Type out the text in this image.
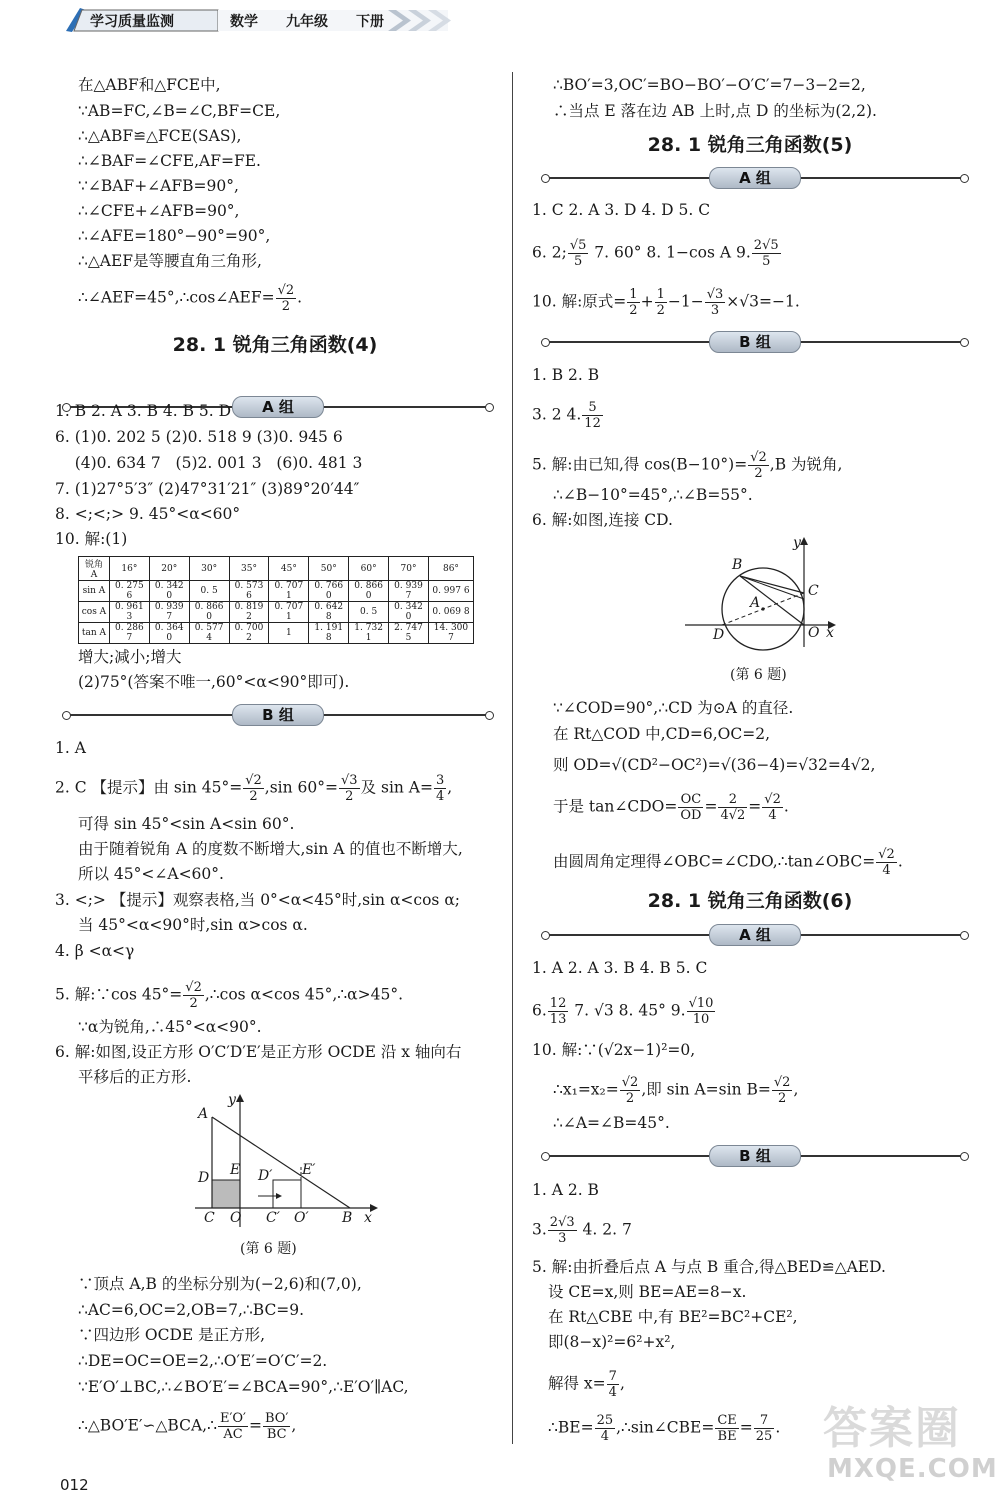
学习质量监测	数学 九年级 下册
在△ABF和△FCE中,
∵AB=FC,∠B=∠C,BF=CE,
∴△ABF≌△FCE(SAS),
∴∠BAF=∠CFE,AF=FE.
∵∠BAF+∠AFB=90°,
∴∠CFE+∠AFB=90°,
∴∠AFE=180°−90°=90°,
∴△AEF是等腰直角三角形,
∴∠AEF=45°,∴cos∠AEF= $\frac{√2}{2}$ .
28. 1 锐角三角函数(4)
A 组
1. B 2. A 3. B 4. B 5. D
6. (1)0. 202 5 (2)0. 518 9 (3)0. 945 6
(4)0. 634 7   (5)2. 001 3   (6)0. 481 3
7. (1)27°5′3″ (2)47°31′21″ (3)89°20′44″
8. <;<;> 9. 45°<α<60°
10. 解:(1)
锐角 A	16°	20°	30°	35°	45°	50°	60°	70°	86°
sin A	0. 275 6	0. 342 0	0. 5	0. 573 6	0. 707 1	0. 766 0	0. 866 0	0. 939 7	0. 997 6
cos A	0. 961 3	0. 939 7	0. 866 0	0. 819 2	0. 707 1	0. 642 8	0. 5	0. 342 0	0. 069 8
tan A	0. 286 7	0. 364 0	0. 577 4	0. 700 2	1	1. 191 8	1. 732 1	2. 747 5	14. 300 7
增大;减小;增大
(2)75°(答案不唯一,60°<α<90°即可).
B 组
1. A
2. C 【提示】由 $\sin 45^\circ= \frac{√2}{2} ,\sin$ $60^\circ= \frac{√3}{2}$ 及 $\sin A= \frac{3}{4}$ ,
可得 sin 45°<sin A<sin 60°.
由于随着锐角 A 的度数不断增大,sin A 的值也不断增大,
所以 45°<∠A<60°.
3. <;> 【提示】观察表格,当 0°<α<45°时,sin α<cos α;
当 45°<α<90°时,sin α>cos α.
4. β <α<γ
5. 解:∵cos $45^\circ= \frac{√2}{2}$ ,∴cos α<cos 45°,∴α>45°.
∵α为锐角,∴45°<α<90°.
6. 解:如图,设正方形 O′C′D′E′是正方形 OCDE 沿 x 轴向右
平移后的正方形.
A
y
D E D′ E′
C O C′ O′ B x
(第 6 题)
∵顶点 A,B 的坐标分别为(−2,6)和(7,0),
∴AC=6,OC=2,OB=7,∴BC=9.
∵四边形 OCDE 是正方形,
∴DE=OC=OE=2,∴O′E′=O′C′=2.
∵E′O′⊥BC,∴∠BO′E′=∠BCA=90°,∴E′O′∥AC,
∴△BO′E′∽△BCA,∴ $\frac{E'O'}{AC} = \frac{BO'}{BC}$ ,
012
∴BO′=3,OC′=BO−BO′−O′C′=7−3−2=2,
∴当点 E 落在边 AB 上时,点 D 的坐标为(2,2).
28. 1 锐角三角函数(5)
A 组
1. C 2. A 3. D 4. D 5. C
6. 2; $\frac{√5}{5} 7$. 60° 8. 1−cos A 9. $\frac{2√5}{5}$
10. 解:原式= $\frac{1}{2} + \frac{1}{2} -1- \frac{√3}{3} \times√3=-1$.
B 组
1. B 2. B
3. 2 4. $\frac{5}{12}$
5. 解:由已知,得 $\cos(B-10^\circ)= \frac{√2}{2} ,B$ 为锐角,
∴∠B−10°=45°,∴∠B=55°.
6. 解:如图,连接 CD.
y
B
C
A
D	O x
(第 6 题)
∵∠COD=90°,∴CD 为⊙A 的直径.
在 Rt△COD 中,CD=6,OC=2,
则 OD=√(CD²−OC²)=√(36−4)=√32=4√2,
于是 tan∠CDO= $\frac{OC}{OD} = \frac{2}{4√2} = \frac{√2}{4}$ .
由圆周角定理得∠OBC=∠CDO,∴tan∠OBC= $\frac{√2}{4}$ .
28. 1 锐角三角函数(6)
A 组
1. A 2. A 3. B 4. B 5. C
6. $\frac{12}{13} 7$. √3 8. 45° 9. $\frac{√10}{10}$
10. 解:∵(√2x−1)²=0,
∴x₁=x₂= $\frac{√2}{2}$ ,即 sin A=sin $B= \frac{√2}{2}$ ,
∴∠A=∠B=45°.
B 组
1. A 2. B
3. $\frac{2√3}{3} 4$. 2. 7
5. 解:由折叠后点 A 与点 B 重合,得△BED≌△AED.
设 CE=x,则 BE=AE=8−x.
在 Rt△CBE 中,有 BE²=BC²+CE²,
即(8−x)²=6²+x²,
解得 $x= \frac{7}{4}$ ,
∴BE= $\frac{25}{4}$ ,∴sin∠CBE= $\frac{CE}{BE} = \frac{7}{25}$ . 答案圈
MXQE.COM
